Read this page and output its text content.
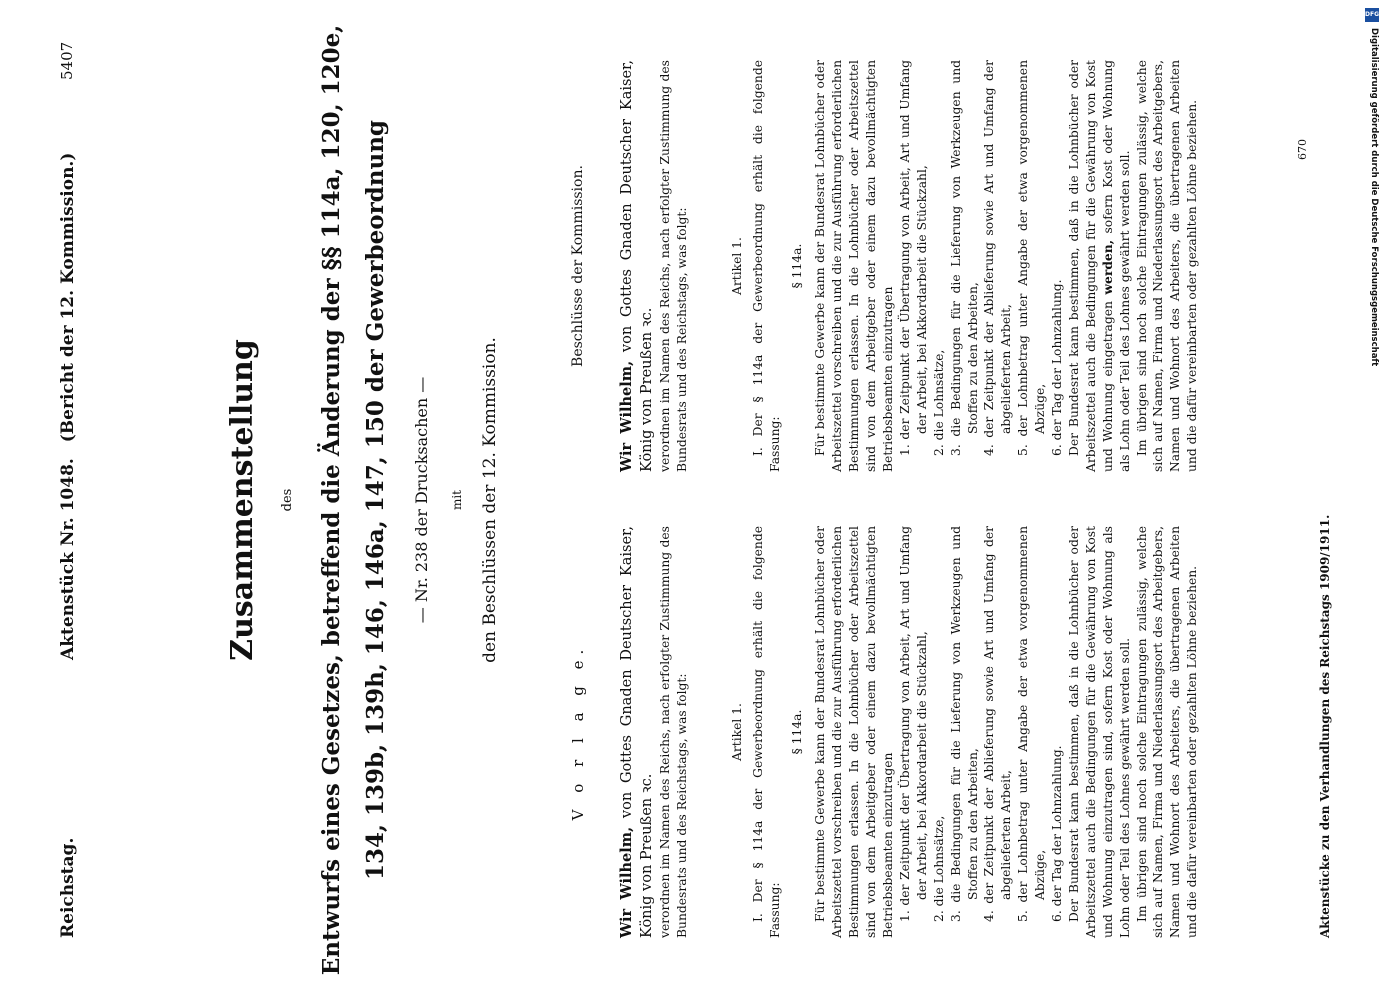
Reichstag.
Aktenstück Nr. 1048. (Bericht der 12. Kommission.)
5407
Zusammenstellung des Entwurfs eines Gesetzes, betreffend die Änderung der §§ 114a, 120, 120e, 134, 139b, 139h, 146, 146a, 147, 150 der Gewerbeordnung — Nr. 238 der Drucksachen — mit den Beschlüssen der 12. Kommission.

V o r l a g e.

Wir Wilhelm, von Gottes Gnaden Deutscher Kaiser, König von Preußen ꝛc. verordnen im Namen des Reichs, nach erfolgter Zustimmung des Bundesrats und des Reichstags, was folgt:	Artikel 1. I. Der § 114a der Gewerbeordnung erhält die folgende Fassung:

§ 114a. Für bestimmte Gewerbe kann der Bundesrat Lohnbücher oder Arbeitszettel vorschreiben und die zur Ausführung erforderlichen Bestimmungen erlassen. In die Lohnbücher oder Arbeitszettel sind von dem Arbeitgeber oder einem dazu bevollmächtigten Betriebsbeamten einzutragen 1. der Zeitpunkt der Übertragung von Arbeit, Art und Umfang der Arbeit, bei Akkordarbeit die Stückzahl, 2. die Lohnsätze, 3. die Bedingungen für die Lieferung von Werkzeugen und Stoffen zu den Arbeiten, 4. der Zeitpunkt der Ablieferung sowie Art und Umfang der abgelieferten Arbeit, 5. der Lohnbetrag unter Angabe der etwa vorgenommenen Abzüge, 6. der Tag der Lohnzahlung. Der Bundesrat kann bestimmen, daß in die Lohnbücher oder Arbeitszettel auch die Bedingungen für die Gewährung von Kost und Wohnung einzutragen sind, sofern Kost oder Wohnung als Lohn oder Teil des Lohnes gewährt werden soll. Im übrigen sind noch solche Eintragungen zulässig, welche sich auf Namen, Firma und Niederlassungsort des Arbeitgebers, Namen und Wohnort des Arbeiters, die übertragenen Arbeiten und die dafür vereinbarten oder gezahlten Löhne beziehen.

Beschlüsse der Kommission.

Wir Wilhelm, von Gottes Gnaden Deutscher Kaiser, König von Preußen ꝛc. verordnen im Namen des Reichs, nach erfolgter Zustimmung des Bundesrats und des Reichstags, was folgt:	Artikel 1. I. Der § 114a der Gewerbeordnung erhält die folgende Fassung:

§ 114a. Für bestimmte Gewerbe kann der Bundesrat Lohnbücher oder Arbeitszettel vorschreiben und die zur Ausführung erforderlichen Bestimmungen erlassen. In die Lohnbücher oder Arbeitszettel sind von dem Arbeitgeber oder einem dazu bevollmächtigten Betriebsbeamten einzutragen 1. der Zeitpunkt der Übertragung von Arbeit, Art und Umfang der Arbeit, bei Akkordarbeit die Stückzahl, 2. die Lohnsätze, 3. die Bedingungen für die Lieferung von Werkzeugen und Stoffen zu den Arbeiten, 4. der Zeitpunkt der Ablieferung sowie Art und Umfang der abgelieferten Arbeit, 5. der Lohnbetrag unter Angabe der etwa vorgenommenen Abzüge, 6. der Tag der Lohnzahlung. Der Bundesrat kann bestimmen, daß in die Lohnbücher oder Arbeitszettel auch die Bedingungen für die Gewährung von Kost und Wohnung eingetragen werden, sofern Kost oder Wohnung als Lohn oder Teil des Lohnes gewährt werden soll. Im übrigen sind noch solche Eintragungen zulässig, welche sich auf Namen, Firma und Niederlassungsort des Arbeitgebers, Namen und Wohnort des Arbeiters, die übertragenen Arbeiten und die dafür vereinbarten oder gezahlten Löhne beziehen.

Aktenstücke zu den Verhandlungen des Reichstags 1909/1911.
670
DFG
Digitalisierung gefördert durch die Deutsche Forschungsgemeinschaft
